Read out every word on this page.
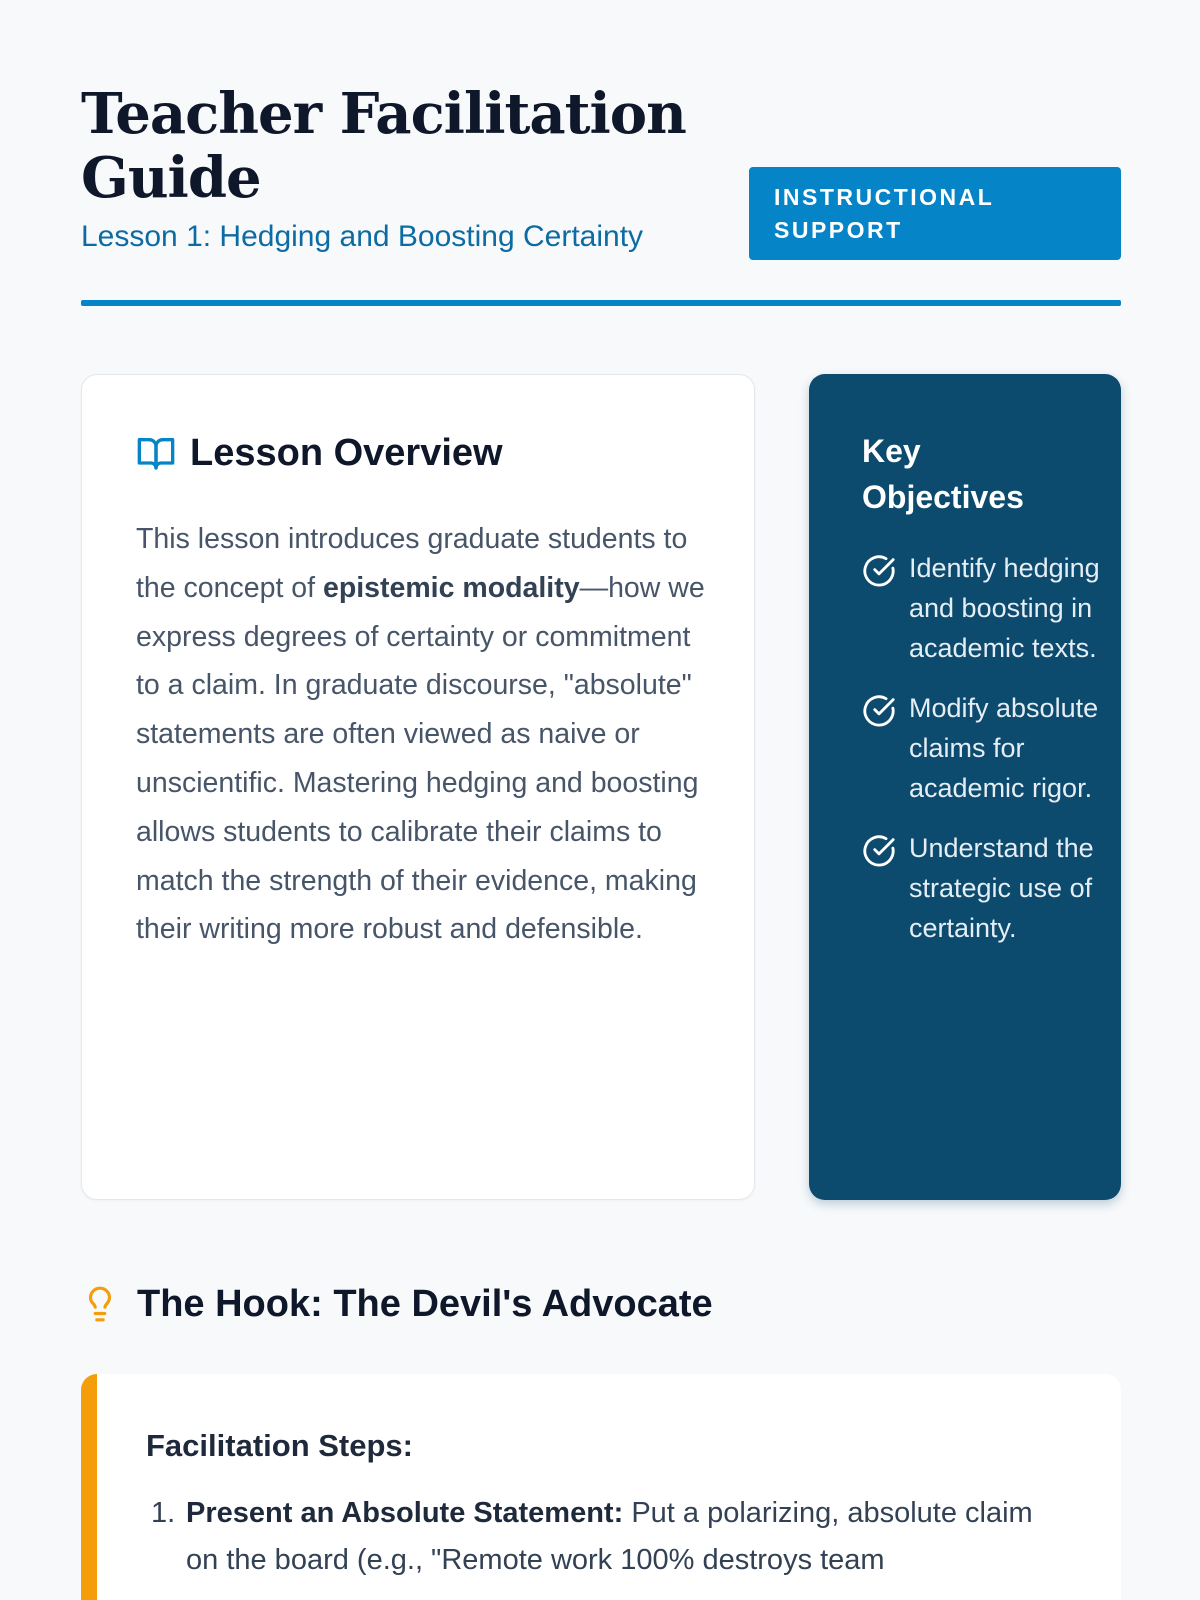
Teacher Facilitation Guide
Lesson 1: Hedging and Boosting Certainty
INSTRUCTIONAL SUPPORT
Lesson Overview

This lesson introduces graduate students to the concept of epistemic modality—how we express degrees of certainty or commitment to a claim. In graduate discourse, "absolute" statements are often viewed as naive or unscientific. Mastering hedging and boosting allows students to calibrate their claims to match the strength of their evidence, making their writing more robust and defensible.

Key Objectives
Identify hedging and boosting in academic texts.
Modify absolute claims for academic rigor.
Understand the strategic use of certainty.
The Hook: The Devil's Advocate
Facilitation Steps:
1. Present an Absolute Statement: Put a polarizing, absolute claim on the board (e.g., "Remote work 100% destroys team
